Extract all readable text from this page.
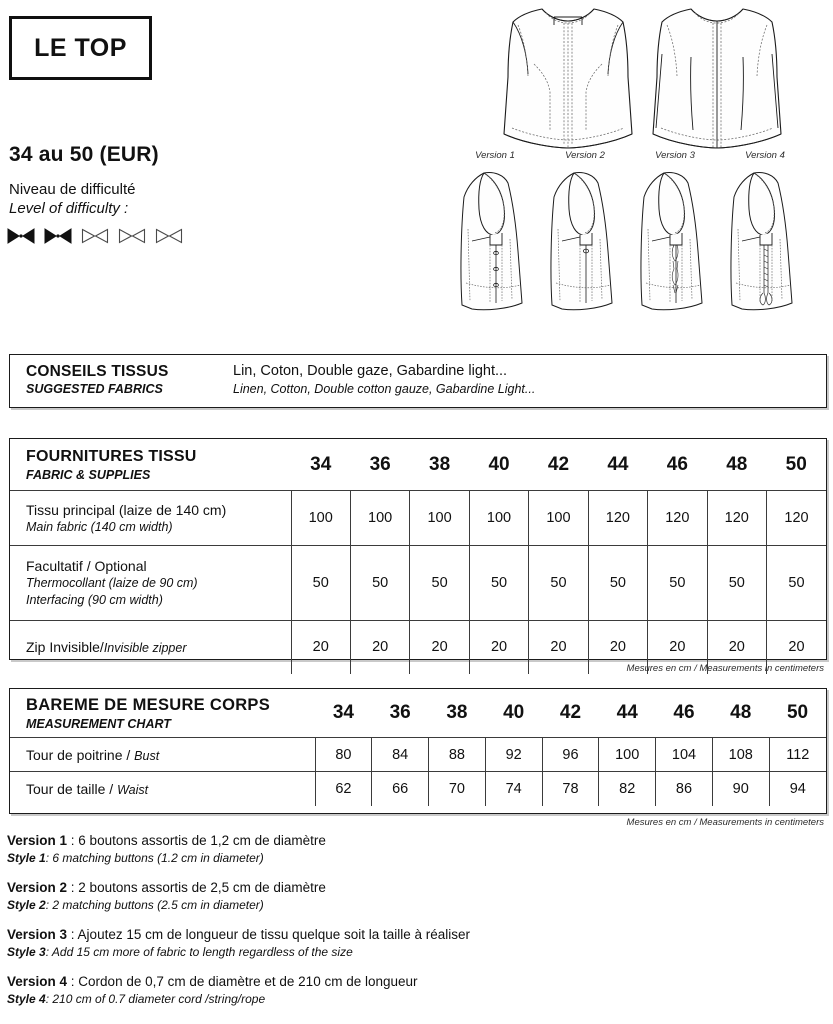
LE TOP
34 au 50 (EUR)
Niveau de difficulté
Level of difficulty :
Version 1	Version 2	Version 3	Version 4
CONSEILS TISSUS
SUGGESTED FABRICS
Lin, Coton, Double gaze, Gabardine light...
Linen, Cotton, Double cotton gauze, Gabardine Light...
FOURNITURES TISSU
FABRIC & SUPPLIES	34	36	38	40	42	44	46	48	50

Tissu principal (laize de 140 cm)
Main fabric (140 cm width)	100	100	100	100	100	120	120	120	120

Facultatif / Optional
Thermocollant (laize de 90 cm)
Interfacing (90 cm width)	50	50	50	50	50	50	50	50	50
Zip Invisible/Invisible zipper	20	20	20	20	20	20	20	20	20
Mesures en cm / Measurements in centimeters
BAREME DE MESURE CORPS
MEASUREMENT CHART	34	36	38	40	42	44	46	48	50
Tour de poitrine / Bust	80	84	88	92	96	100	104	108	112
Tour de taille / Waist	62	66	70	74	78	82	86	90	94
Mesures en cm / Measurements in centimeters
Version 1 : 6 boutons assortis de 1,2 cm de diamètre
Style 1: 6 matching buttons (1.2 cm in diameter)
Version 2 : 2 boutons assortis de 2,5 cm de diamètre
Style 2: 2 matching buttons (2.5 cm in diameter)
Version 3 : Ajoutez 15 cm de longueur de tissu quelque soit la taille à réaliser
Style 3: Add 15 cm more of fabric to length regardless of the size
Version 4 : Cordon de 0,7 cm de diamètre et de 210 cm de longueur
Style 4: 210 cm of 0.7 diameter cord /string/rope
